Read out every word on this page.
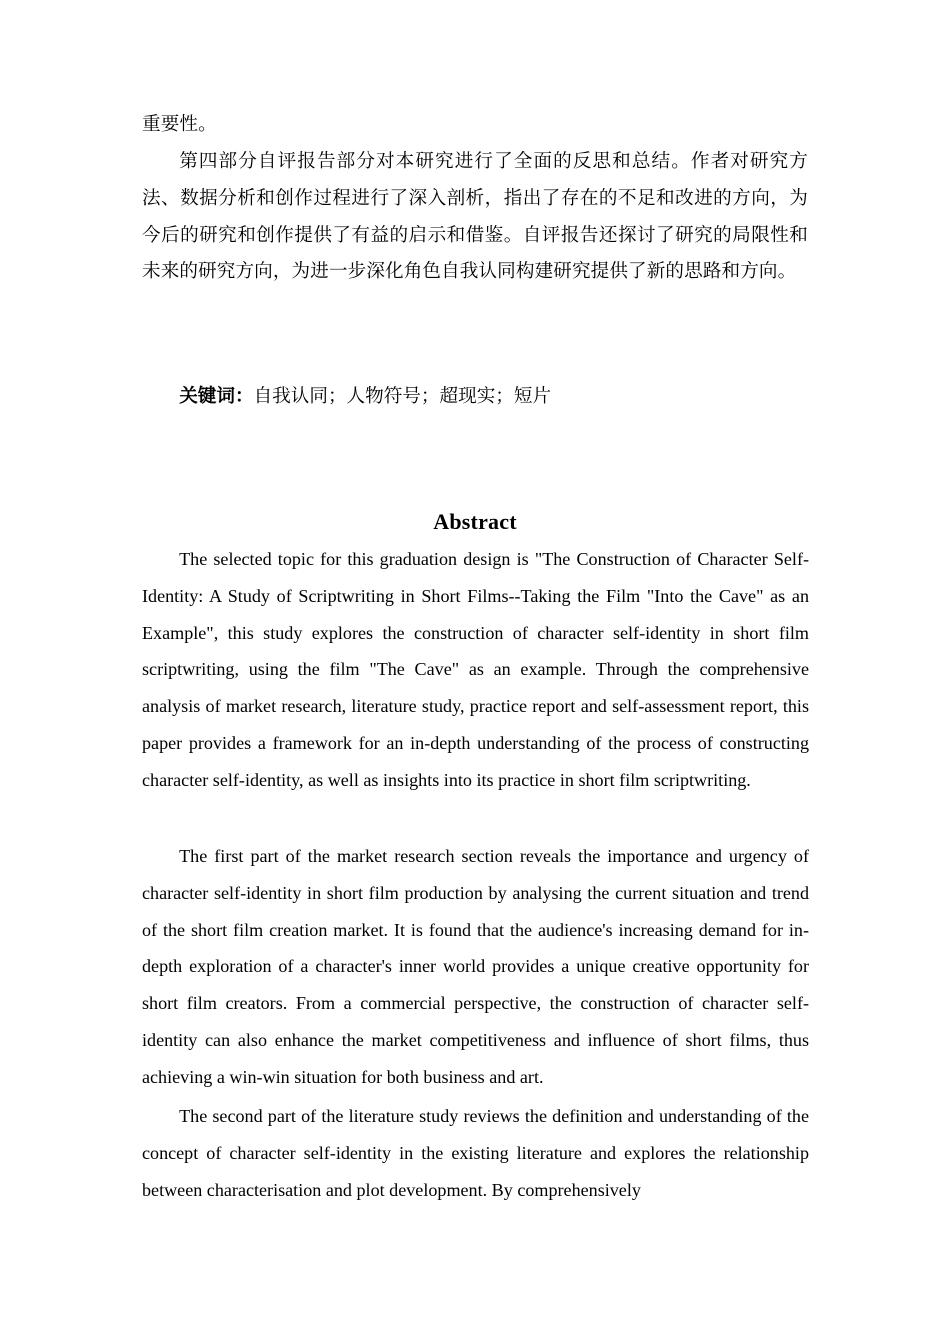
重要性。

第四部分自评报告部分对本研究进行了全面的反思和总结。作者对研究方法、数据分析和创作过程进行了深入剖析，指出了存在的不足和改进的方向，为今后的研究和创作提供了有益的启示和借鉴。自评报告还探讨了研究的局限性和未来的研究方向，为进一步深化角色自我认同构建研究提供了新的思路和方向。

关键词：自我认同；人物符号；超现实；短片
Abstract

The selected topic for this graduation design is "The Construction of Character Self-Identity: A Study of Scriptwriting in Short Films--Taking the Film "Into the Cave" as an Example", this study explores the construction of character self-identity in short film scriptwriting, using the film "The Cave" as an example. Through the comprehensive analysis of market research, literature study, practice report and self-assessment report, this paper provides a framework for an in-depth understanding of the process of constructing character self-identity, as well as insights into its practice in short film scriptwriting.

The first part of the market research section reveals the importance and urgency of character self-identity in short film production by analysing the current situation and trend of the short film creation market. It is found that the audience's increasing demand for in-depth exploration of a character's inner world provides a unique creative opportunity for short film creators. From a commercial perspective, the construction of character self-identity can also enhance the market competitiveness and influence of short films, thus achieving a win-win situation for both business and art.

The second part of the literature study reviews the definition and understanding of the concept of character self-identity in the existing literature and explores the relationship between characterisation and plot development. By comprehensively
